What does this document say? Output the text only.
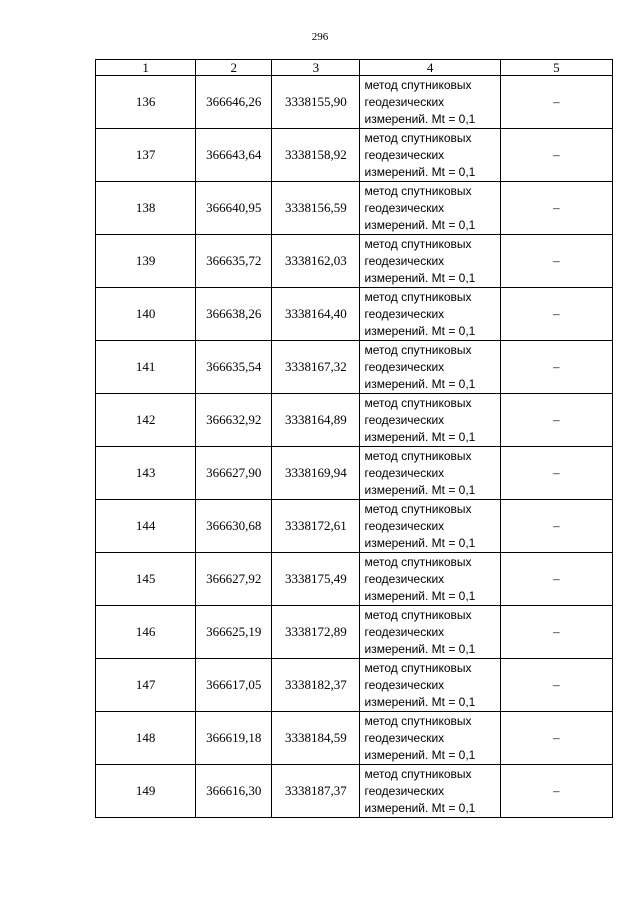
296
1	2	3	4	5
136	366646,26	3338155,90	метод спутниковых
геодезических
измерений. Mt = 0,1	–
137	366643,64	3338158,92	метод спутниковых
геодезических
измерений. Mt = 0,1	–
138	366640,95	3338156,59	метод спутниковых
геодезических
измерений. Mt = 0,1	–
139	366635,72	3338162,03	метод спутниковых
геодезических
измерений. Mt = 0,1	–
140	366638,26	3338164,40	метод спутниковых
геодезических
измерений. Mt = 0,1	–
141	366635,54	3338167,32	метод спутниковых
геодезических
измерений. Mt = 0,1	–
142	366632,92	3338164,89	метод спутниковых
геодезических
измерений. Mt = 0,1	–
143	366627,90	3338169,94	метод спутниковых
геодезических
измерений. Mt = 0,1	–
144	366630,68	3338172,61	метод спутниковых
геодезических
измерений. Mt = 0,1	–
145	366627,92	3338175,49	метод спутниковых
геодезических
измерений. Mt = 0,1	–
146	366625,19	3338172,89	метод спутниковых
геодезических
измерений. Mt = 0,1	–
147	366617,05	3338182,37	метод спутниковых
геодезических
измерений. Mt = 0,1	–
148	366619,18	3338184,59	метод спутниковых
геодезических
измерений. Mt = 0,1	–
149	366616,30	3338187,37	метод спутниковых
геодезических
измерений. Mt = 0,1	–
